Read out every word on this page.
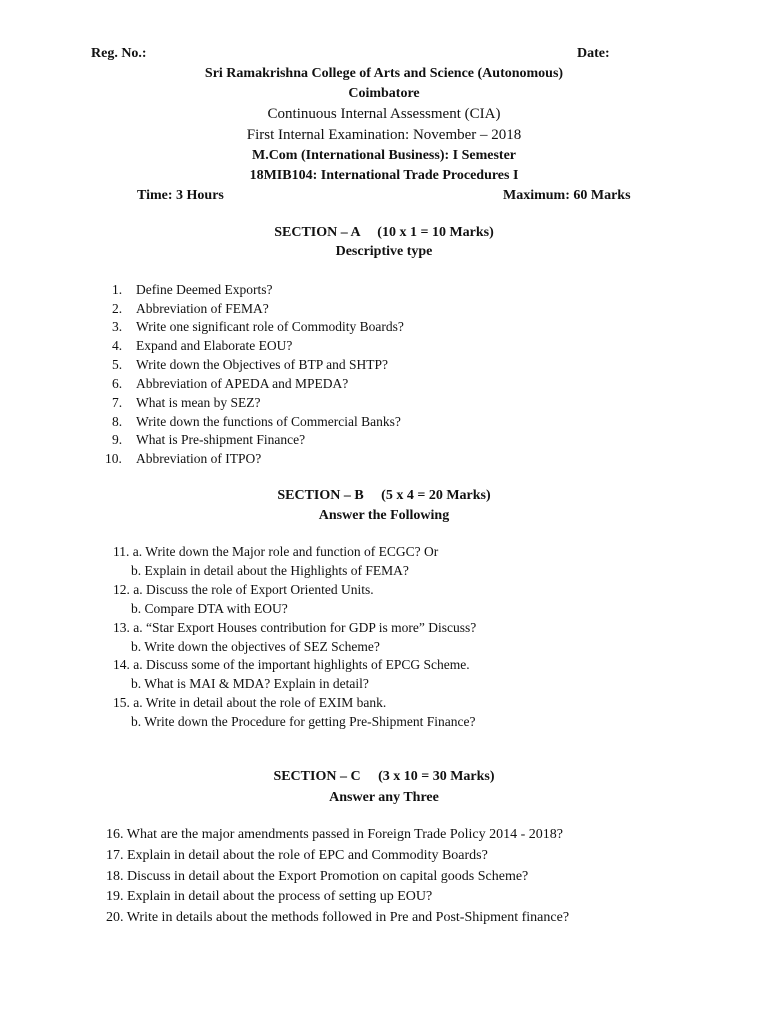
Reg. No.:	Date:
Sri Ramakrishna College of Arts and Science (Autonomous)
Coimbatore
Continuous Internal Assessment (CIA)
First Internal Examination: November – 2018
M.Com (International Business): I Semester
18MIB104: International Trade Procedures I
Time: 3 Hours	Maximum: 60 Marks
SECTION – A     (10 x 1 = 10 Marks)
Descriptive type
1. Define Deemed Exports?
2. Abbreviation of FEMA?
3. Write one significant role of Commodity Boards?
4. Expand and Elaborate EOU?
5. Write down the Objectives of BTP and SHTP?
6. Abbreviation of APEDA and MPEDA?
7. What is mean by SEZ?
8. Write down the functions of Commercial Banks?
9. What is Pre-shipment Finance?
10. Abbreviation of ITPO?
SECTION – B     (5 x 4 = 20 Marks)
Answer the Following
11. a. Write down the Major role and function of ECGC? Or
b. Explain in detail about the Highlights of FEMA?
12. a. Discuss the role of Export Oriented Units.
b. Compare DTA with EOU?
13. a. “Star Export Houses contribution for GDP is more” Discuss?
b. Write down the objectives of SEZ Scheme?
14. a. Discuss some of the important highlights of EPCG Scheme.
b. What is MAI & MDA? Explain in detail?
15. a. Write in detail about the role of EXIM bank.
b. Write down the Procedure for getting Pre-Shipment Finance?
SECTION – C     (3 x 10 = 30 Marks)
Answer any Three
16. What are the major amendments passed in Foreign Trade Policy 2014 - 2018?
17. Explain in detail about the role of EPC and Commodity Boards?
18. Discuss in detail about the Export Promotion on capital goods Scheme?
19. Explain in detail about the process of setting up EOU?
20. Write in details about the methods followed in Pre and Post-Shipment finance?
